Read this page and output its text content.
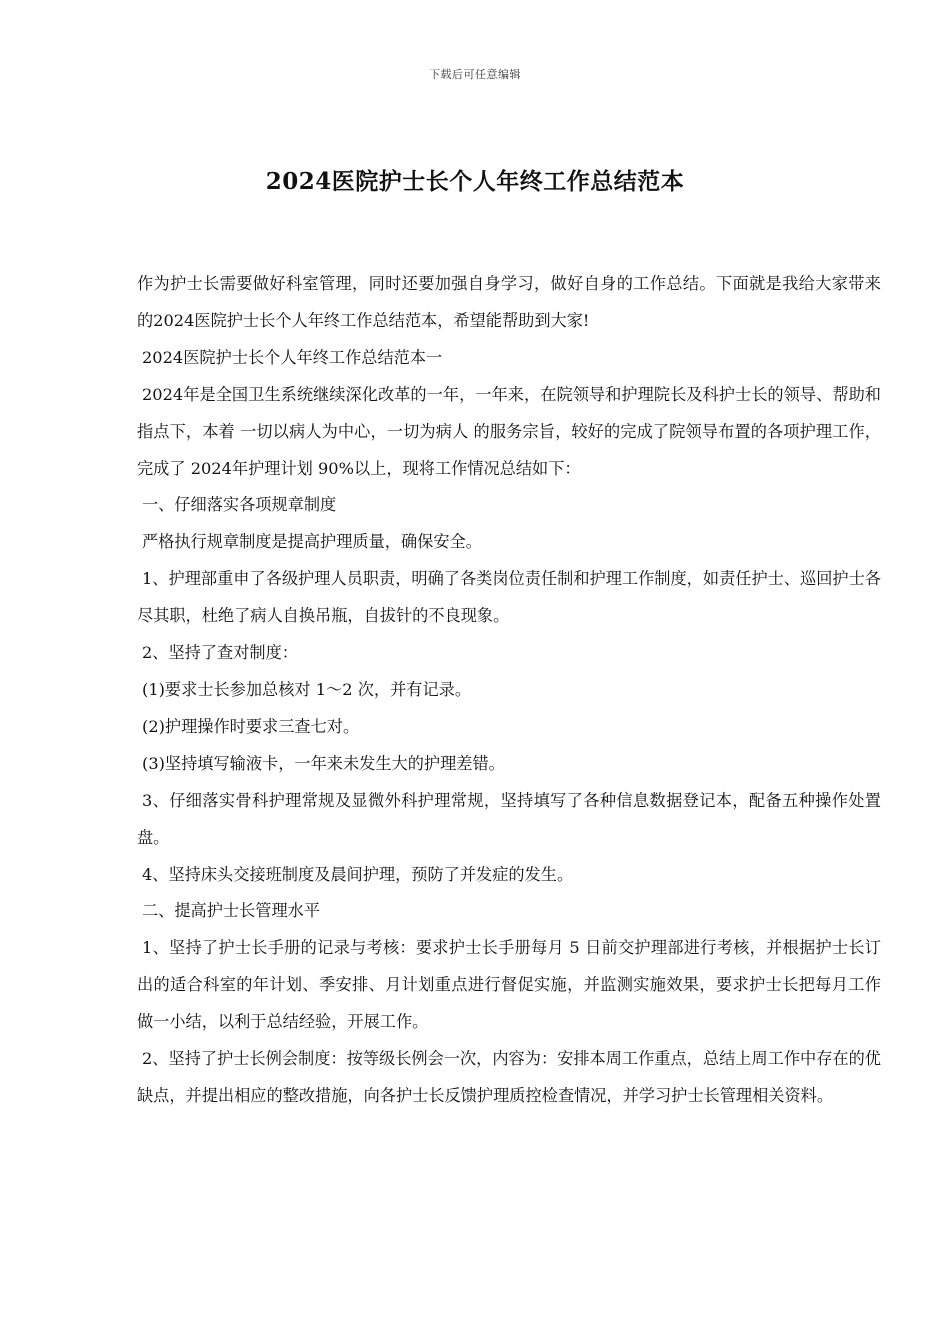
下载后可任意编辑
2024医院护士长个人年终工作总结范本

作为护士长需要做好科室管理，同时还要加强自身学习，做好自身的工作总结。下面就是我给大家带来的2024医院护士长个人年终工作总结范本，希望能帮助到大家!

2024医院护士长个人年终工作总结范本一

2024年是全国卫生系统继续深化改革的一年，一年来，在院领导和护理院长及科护士长的领导、帮助和指点下，本着 一切以病人为中心，一切为病人 的服务宗旨，较好的完成了院领导布置的各项护理工作，完成了 2024年护理计划 90%以上，现将工作情况总结如下：

一、仔细落实各项规章制度

严格执行规章制度是提高护理质量，确保安全。

1、护理部重申了各级护理人员职责，明确了各类岗位责任制和护理工作制度，如责任护士、巡回护士各尽其职，杜绝了病人自换吊瓶，自拔针的不良现象。

2、坚持了查对制度：

(1)要求士长参加总核对 1～2 次，并有记录。

(2)护理操作时要求三查七对。

(3)坚持填写输液卡，一年来未发生大的护理差错。

3、仔细落实骨科护理常规及显微外科护理常规，坚持填写了各种信息数据登记本，配备五种操作处置盘。

4、坚持床头交接班制度及晨间护理，预防了并发症的发生。

二、提高护士长管理水平

1、坚持了护士长手册的记录与考核：要求护士长手册每月 5 日前交护理部进行考核，并根据护士长订出的适合科室的年计划、季安排、月计划重点进行督促实施，并监测实施效果，要求护士长把每月工作做一小结，以利于总结经验，开展工作。

2、坚持了护士长例会制度：按等级长例会一次，内容为：安排本周工作重点，总结上周工作中存在的优缺点，并提出相应的整改措施，向各护士长反馈护理质控检查情况，并学习护士长管理相关资料。
